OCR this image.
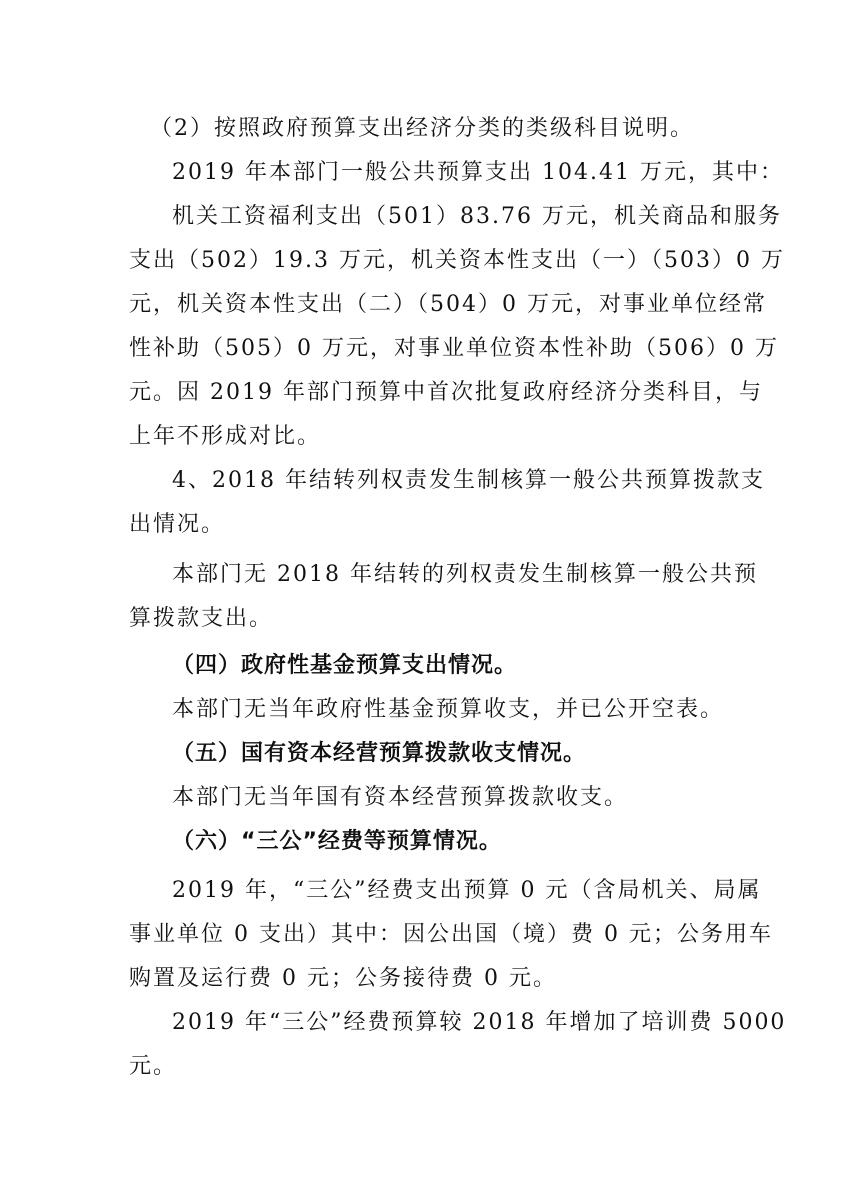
（2）按照政府预算支出经济分类的类级科目说明。
2019 年本部门一般公共预算支出 104.41 万元，其中：
机关工资福利支出（501）83.76 万元，机关商品和服务
支出（502）19.3 万元，机关资本性支出（一）（503）0 万
元，机关资本性支出（二）（504）0 万元，对事业单位经常
性补助（505）0 万元，对事业单位资本性补助（506）0 万
元。因 2019 年部门预算中首次批复政府经济分类科目，与
上年不形成对比。
4、2018 年结转列权责发生制核算一般公共预算拨款支
出情况。
本部门无 2018 年结转的列权责发生制核算一般公共预
算拨款支出。
（四）政府性基金预算支出情况。
本部门无当年政府性基金预算收支，并已公开空表。
（五）国有资本经营预算拨款收支情况。
本部门无当年国有资本经营预算拨款收支。
（六）“三公”经费等预算情况。
2019 年，“三公”经费支出预算 0 元（含局机关、局属
事业单位 0 支出）其中：因公出国（境）费 0 元；公务用车
购置及运行费 0 元；公务接待费 0 元。
2019 年“三公”经费预算较 2018 年增加了培训费 5000
元。
